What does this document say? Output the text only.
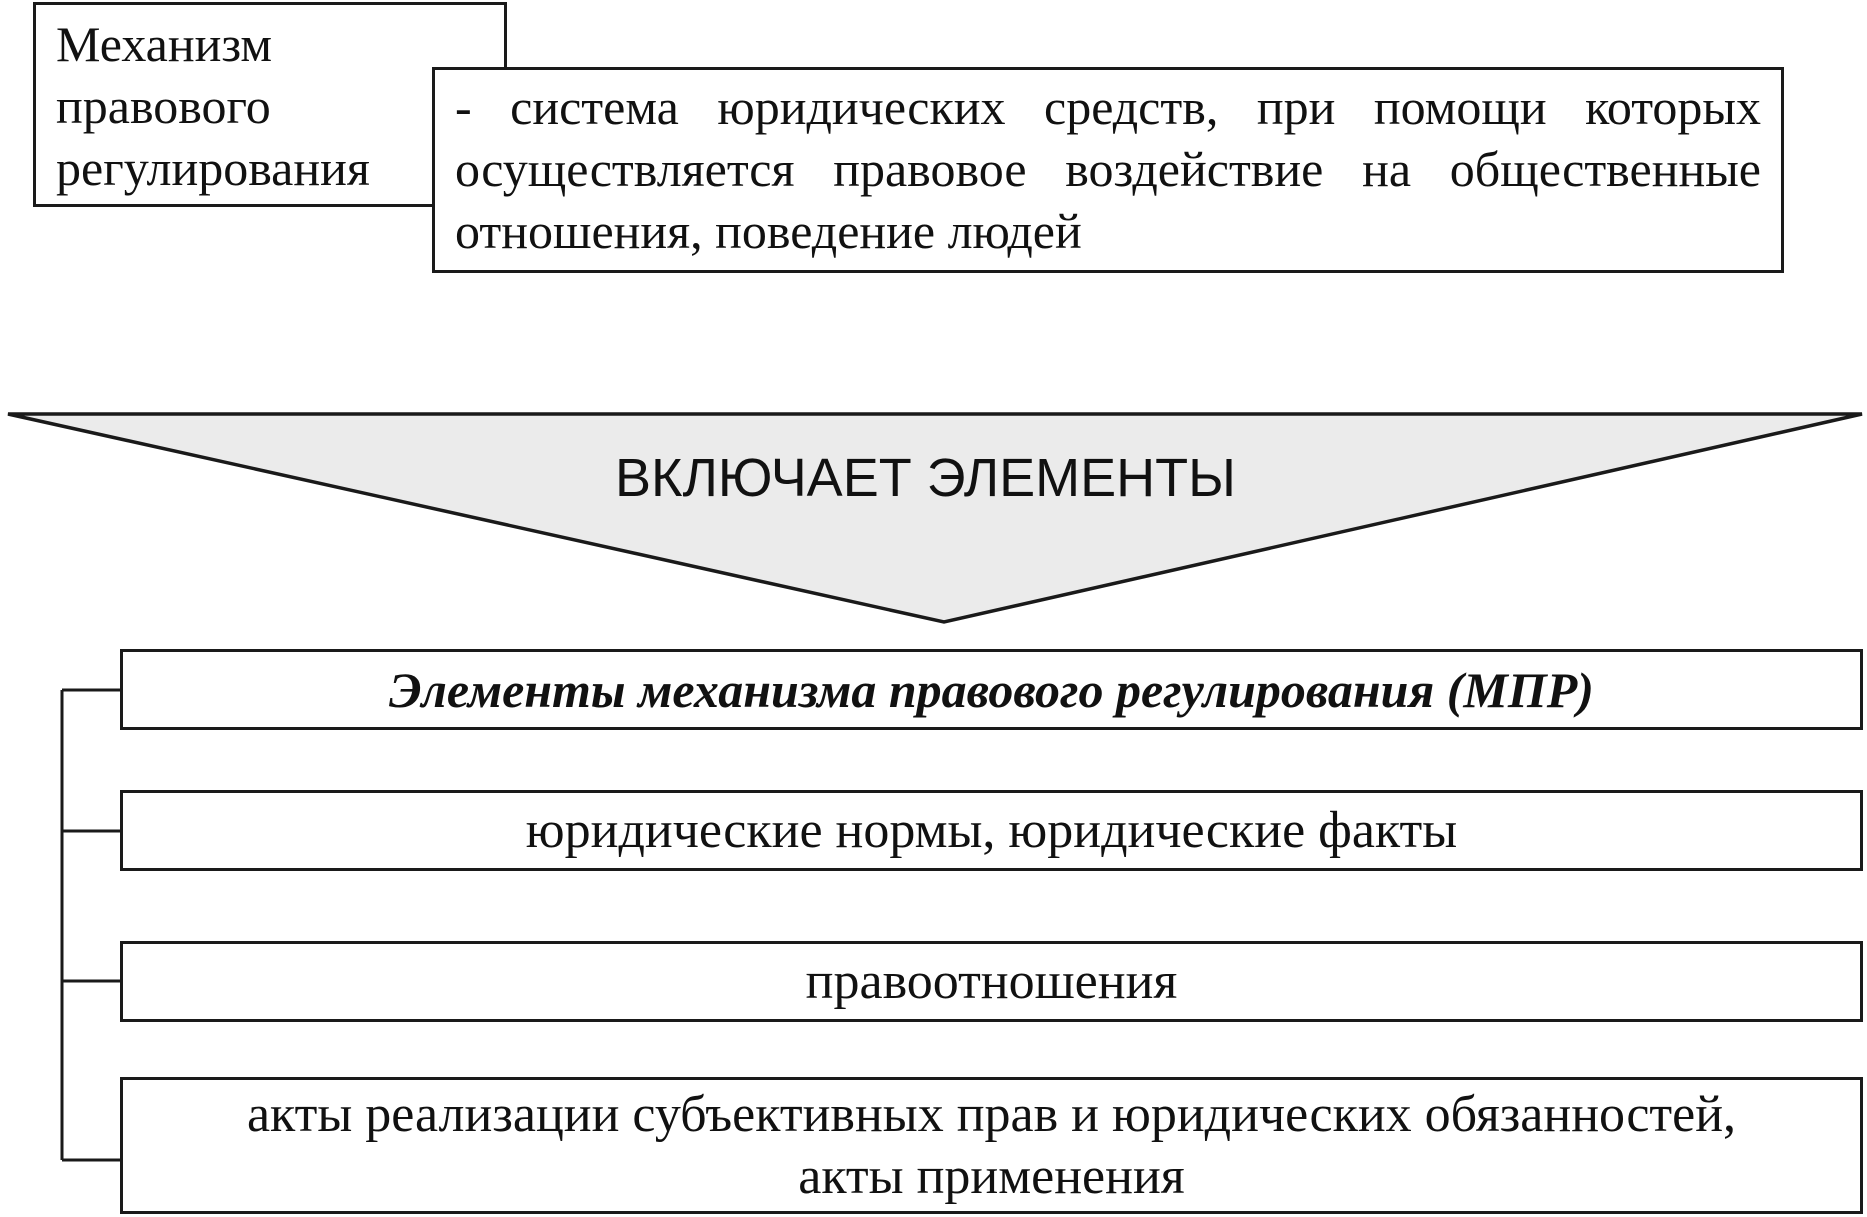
Механизм
правового
регулирования
- система юридических средств, при помощи которых осуществляется правовое воздействие на общественные отношения, поведение людей
ВКЛЮЧАЕТ ЭЛЕМЕНТЫ
Элементы механизма правового регулирования (МПР)
юридические нормы, юридические факты
правоотношения
акты реализации субъективных прав и юридических обязанностей,
акты применения
